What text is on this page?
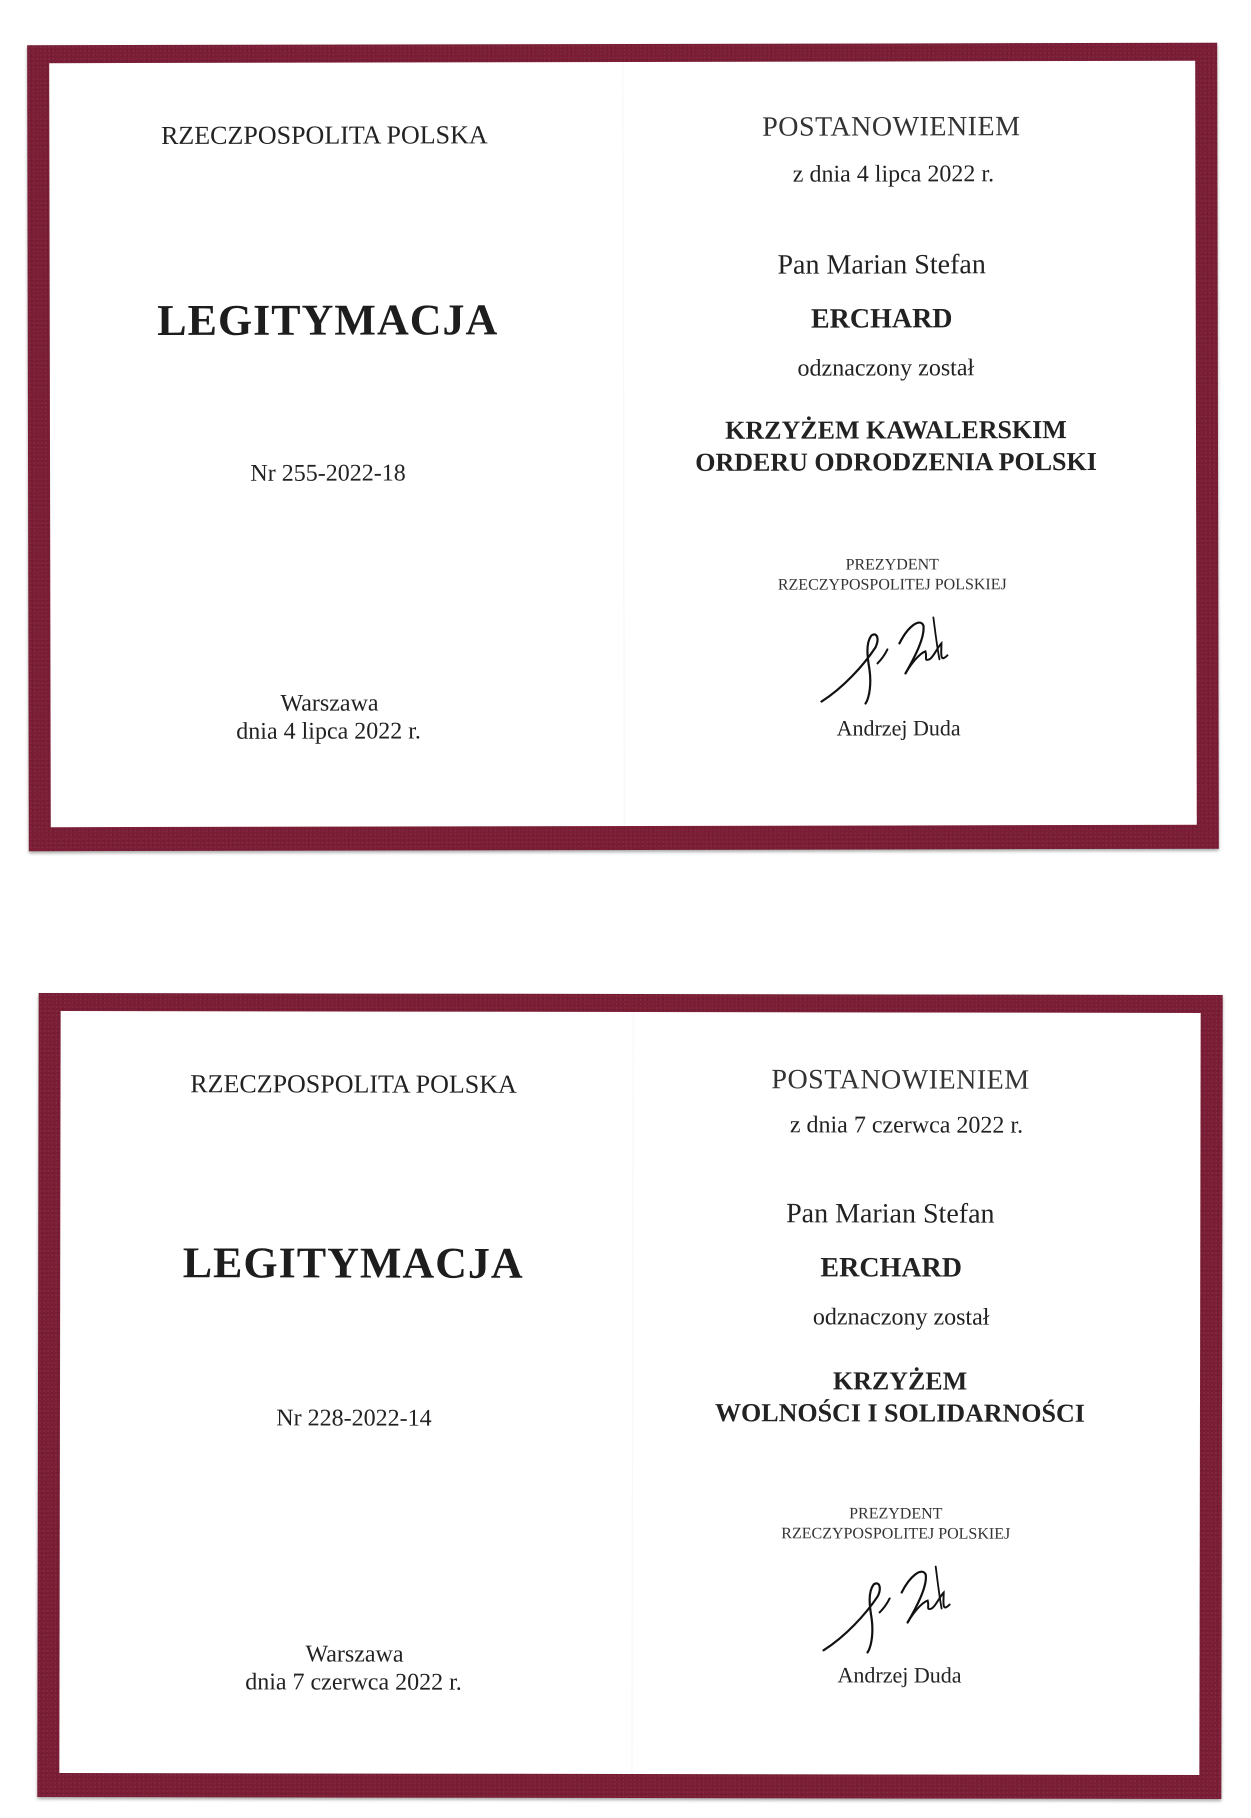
RZECZPOSPOLITA POLSKA
LEGITYMACJA
Nr 255-2022-18
Warszawa
dnia 4 lipca 2022 r.
POSTANOWIENIEM
z dnia 4 lipca 2022 r.
Pan Marian Stefan
ERCHARD
odznaczony został
KRZYŻEM KAWALERSKIM
ORDERU ODRODZENIA POLSKI
PREZYDENT
RZECZYPOSPOLITEJ POLSKIEJ
Andrzej Duda
RZECZPOSPOLITA POLSKA
LEGITYMACJA
Nr 228-2022-14
Warszawa
dnia 7 czerwca 2022 r.
POSTANOWIENIEM
z dnia 7 czerwca 2022 r.
Pan Marian Stefan
ERCHARD
odznaczony został
KRZYŻEM
WOLNOŚCI I SOLIDARNOŚCI
PREZYDENT
RZECZYPOSPOLITEJ POLSKIEJ
Andrzej Duda
